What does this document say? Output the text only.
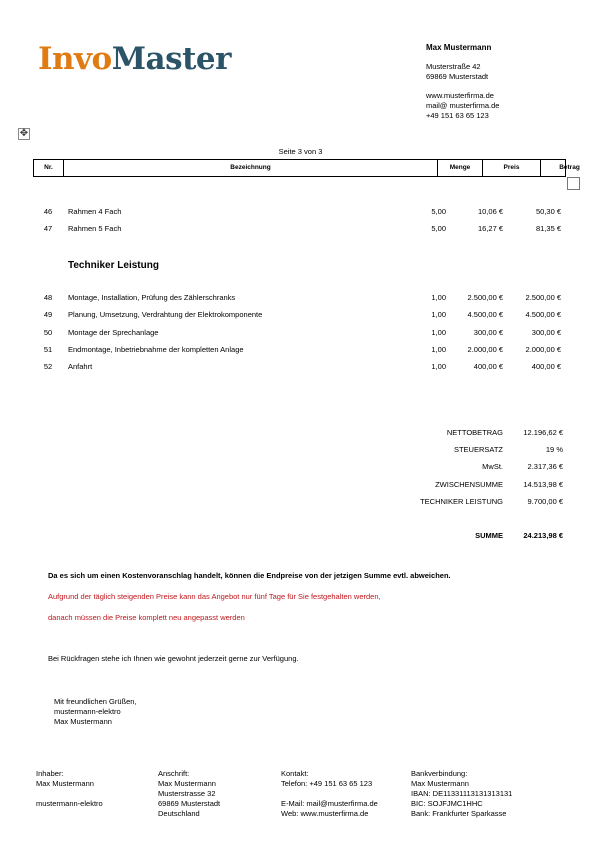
InvoMaster	Max Mustermann
Musterstraße 42
69869 Musterstadt
www.musterfirma.de
mail@ musterfirma.de
+49 151 63 65 123
✥
Seite 3 von 3
Nr.	Bezeichnung	Menge	Preis	Betrag
46	Rahmen 4 Fach	5,00	10,06 €	50,30 €
47	Rahmen 5 Fach	5,00	16,27 €	81,35 €
Techniker Leistung
48	Montage, Installation, Prüfung des Zählerschranks	1,00	2.500,00 €	2.500,00 €
49	Planung, Umsetzung, Verdrahtung der Elektrokomponente	1,00	4.500,00 €	4.500,00 €
50	Montage der Sprechanlage	1,00	300,00 €	300,00 €
51	Endmontage, Inbetriebnahme der kompletten Anlage	1,00	2.000,00 €	2.000,00 €
52	Anfahrt	1,00	400,00 €	400,00 €
NETTOBETRAG	12.196,62 €
STEUERSATZ	19 %
MwSt.	2.317,36 €
ZWISCHENSUMME	14.513,98 €
TECHNIKER LEISTUNG	9.700,00 €
SUMME	24.213,98 €
Da es sich um einen Kostenvoranschlag handelt, können die Endpreise von der jetzigen Summe evtl. abweichen.
Aufgrund der täglich steigenden Preise kann das Angebot nur fünf Tage für Sie festgehalten werden,
danach müssen die Preise komplett neu angepasst werden
Bei Rückfragen stehe ich Ihnen wie gewohnt jederzeit gerne zur Verfügung.
Mit freundlichen Grüßen,
mustermann-elektro
Max Mustermann
Inhaber:
Max Mustermann
mustermann-elektro
Anschrift:
Max Mustermann
Musterstrasse 32
69869 Musterstadt
Deutschland
Kontakt:
Telefon: +49 151 63 65 123
E-Mail: mail@musterfirma.de
Web: www.musterfirma.de
Bankverbindung:
Max Mustermann
IBAN: DE11331113131313131
BIC: SOJFJMC1HHC
Bank: Frankfurter Sparkasse
